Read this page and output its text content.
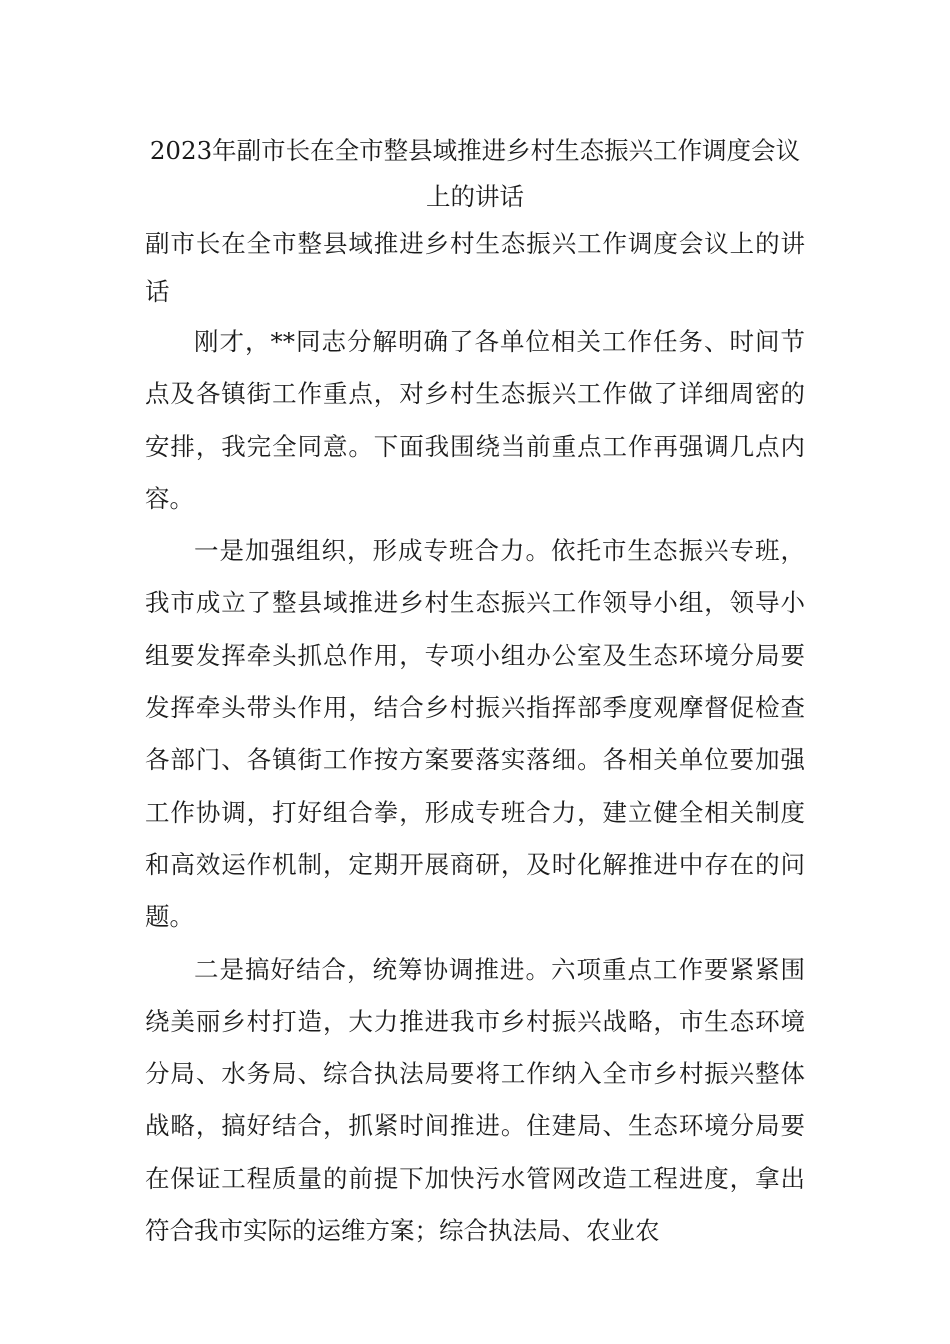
2023年副市长在全市整县域推进乡村生态振兴工作调度会议上的讲话
副市长在全市整县域推进乡村生态振兴工作调度会议上的讲话

刚才，**同志分解明确了各单位相关工作任务、时间节点及各镇街工作重点，对乡村生态振兴工作做了详细周密的安排，我完全同意。下面我围绕当前重点工作再强调几点内容。

一是加强组织，形成专班合力。依托市生态振兴专班，我市成立了整县域推进乡村生态振兴工作领导小组，领导小组要发挥牵头抓总作用，专项小组办公室及生态环境分局要发挥牵头带头作用，结合乡村振兴指挥部季度观摩督促检查各部门、各镇街工作按方案要落实落细。各相关单位要加强工作协调，打好组合拳，形成专班合力，建立健全相关制度和高效运作机制，定期开展商研，及时化解推进中存在的问题。

二是搞好结合，统筹协调推进。六项重点工作要紧紧围绕美丽乡村打造，大力推进我市乡村振兴战略，市生态环境分局、水务局、综合执法局要将工作纳入全市乡村振兴整体战略，搞好结合，抓紧时间推进。住建局、生态环境分局要在保证工程质量的前提下加快污水管网改造工程进度，拿出符合我市实际的运维方案；综合执法局、农业农
